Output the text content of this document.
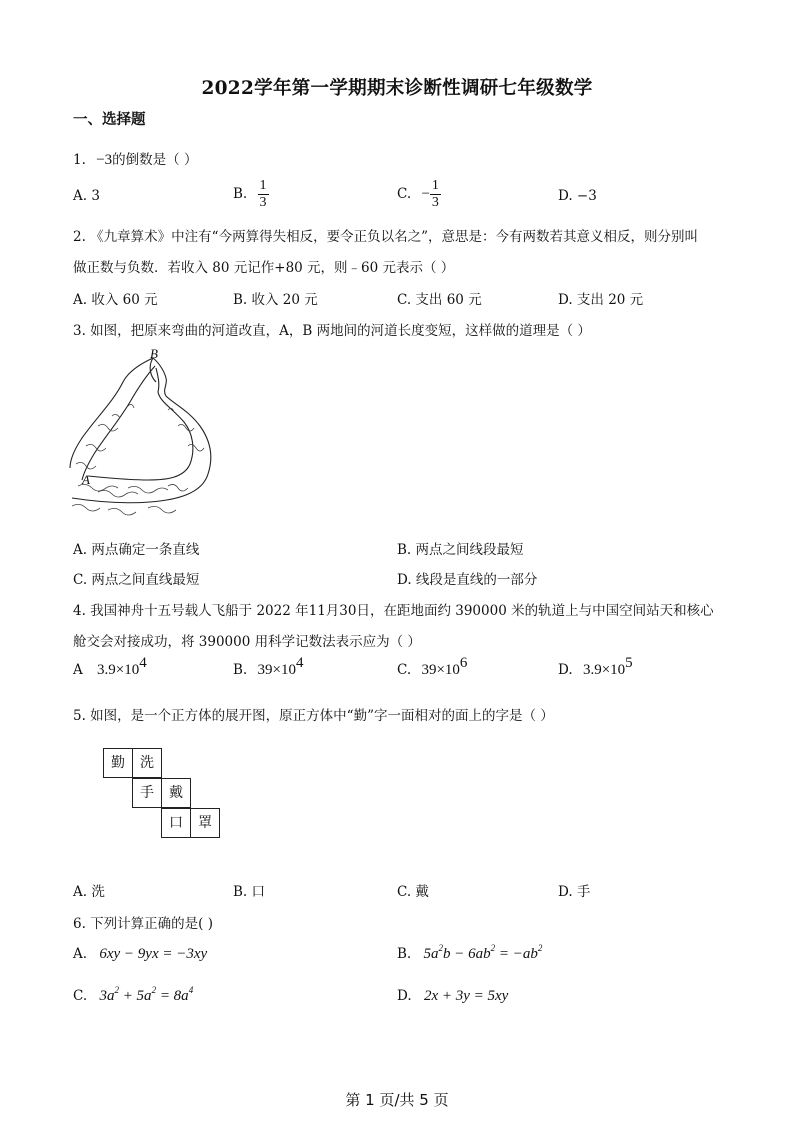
2022学年第一学期期末诊断性调研七年级数学
一、选择题
1. −3的倒数是（ ）
A. 3	B. $\frac{1}{3}$	C. − $\frac{1}{3}$	D. −3
2. 《九章算术》中注有“今两算得失相反，要令正负以名之”，意思是：今有两数若其意义相反，则分别叫
做正数与负数．若收入 80 元记作+80 元，则﹣60 元表示（ ）
A. 收入 60 元	B. 收入 20 元	C. 支出 60 元	D. 支出 20 元
3. 如图，把原来弯曲的河道改直，A，B 两地间的河道长度变短，这样做的道理是（ ）
B
A
A. 两点确定一条直线	B. 两点之间线段最短
C. 两点之间直线最短	D. 线段是直线的一部分
4. 我国神舟十五号载人飞船于 2022 年11月30日，在距地面约 390000 米的轨道上与中国空间站天和核心
舱交会对接成功，将 390000 用科学记数法表示应为（ ）
A $3.9\times 10^4$	B. $39\times 10^4$	C. $39\times 10^6$	D. $3.9\times 10^5$
5. 如图，是一个正方体的展开图，原正方体中“勤”字一面相对的面上的字是（ ）
勤	洗
手	戴
口	罩
A. 洗	B. 口	C. 戴	D. 手
6. 下列计算正确的是( )
A. 6xy − 9yx = −3xy	B. $5a^2b - 6ab^2 = -ab^2$
C. $3a^2 + 5a^2 = 8a^4$	D. 2x + 3y = 5xy
第 1 页/共 5 页
